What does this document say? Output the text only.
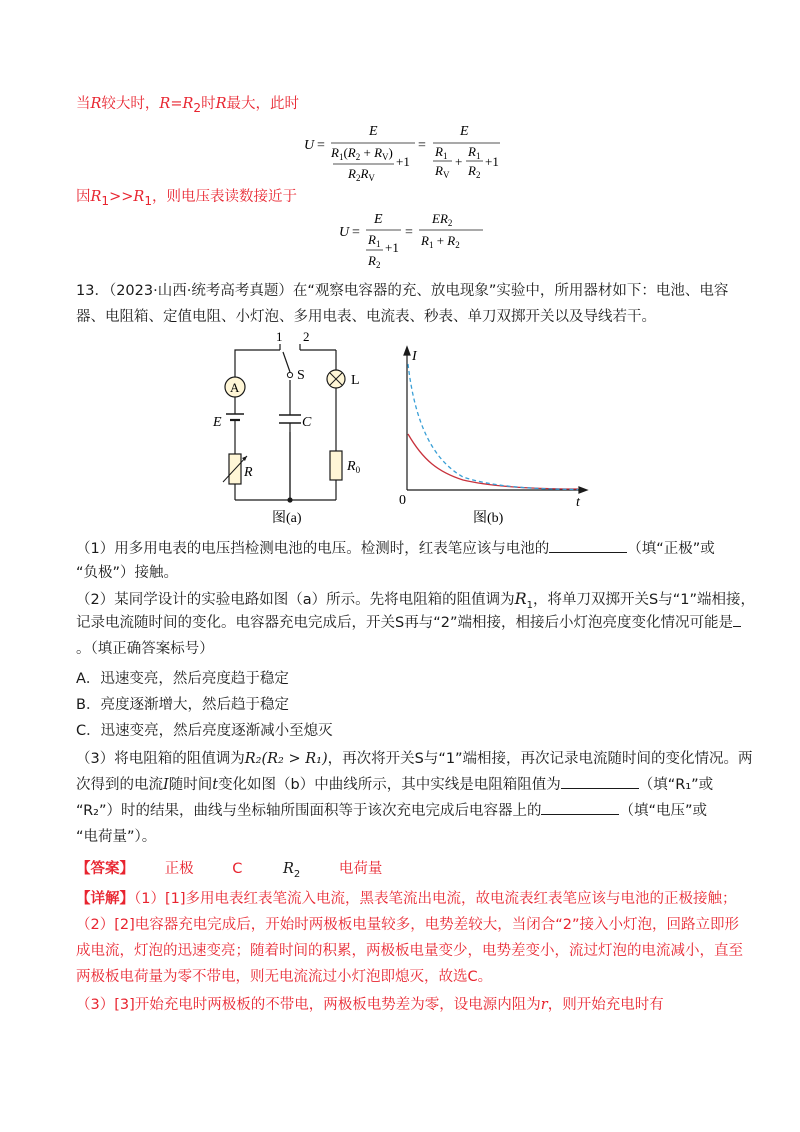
当R较大时，$R=R_2$时R最大，此时
U =
E
$R_1(R_2 + R_V)$
+1
$R_2R_V$
=
E
$R_1$
$R_V$
+
$R_1$
$R_2$
+1
因$R_1>>R_1$，则电压表读数接近于
U =
E
$R_1 +1$
$R_2$
=
$ER_2$
$R_1 + R_2$
13．（2023·山西·统考高考真题）在“观察电容器的充、放电现象”实验中，所用器材如下：电池、电容
器、电阻箱、定值电阻、小灯泡、多用电表、电流表、秒表、单刀双掷开关以及导线若干。
A	L
R	$R_0$
1 2
S
C
E
图(a)
I
t
0
图(b)
（1）用多用电表的电压挡检测电池的电压。检测时，红表笔应该与电池的	（填“正极”或
“负极”）接触。
（2）某同学设计的实验电路如图（a）所示。先将电阻箱的阻值调为$R_1$，将单刀双掷开关S与“1”端相接，
记录电流随时间的变化。电容器充电完成后，开关S再与“2”端相接，相接后小灯泡亮度变化情况可能是
。（填正确答案标号）
A．迅速变亮，然后亮度趋于稳定
B．亮度逐渐增大，然后趋于稳定
C．迅速变亮，然后亮度逐渐减小至熄灭
（3）将电阻箱的阻值调为R₂(R₂ > R₁)，再次将开关S与“1”端相接，再次记录电流随时间的变化情况。两
次得到的电流I随时间t变化如图（b）中曲线所示，其中实线是电阻箱阻值为	（填“R₁”或
“R₂”）时的结果，曲线与坐标轴所围面积等于该次充电完成后电容器上的	（填“电压”或
“电荷量”）。
【答案】 正极	C	$R_2$	电荷量
【详解】（1）[1]多用电表红表笔流入电流，黑表笔流出电流，故电流表红表笔应该与电池的正极接触；
（2）[2]电容器充电完成后，开始时两极板电量较多，电势差较大，当闭合“2”接入小灯泡，回路立即形
成电流，灯泡的迅速变亮；随着时间的积累，两极板电量变少，电势差变小，流过灯泡的电流减小，直至
两极板电荷量为零不带电，则无电流流过小灯泡即熄灭，故选C。
（3）[3]开始充电时两极板的不带电，两极板电势差为零，设电源内阻为r，则开始充电时有
